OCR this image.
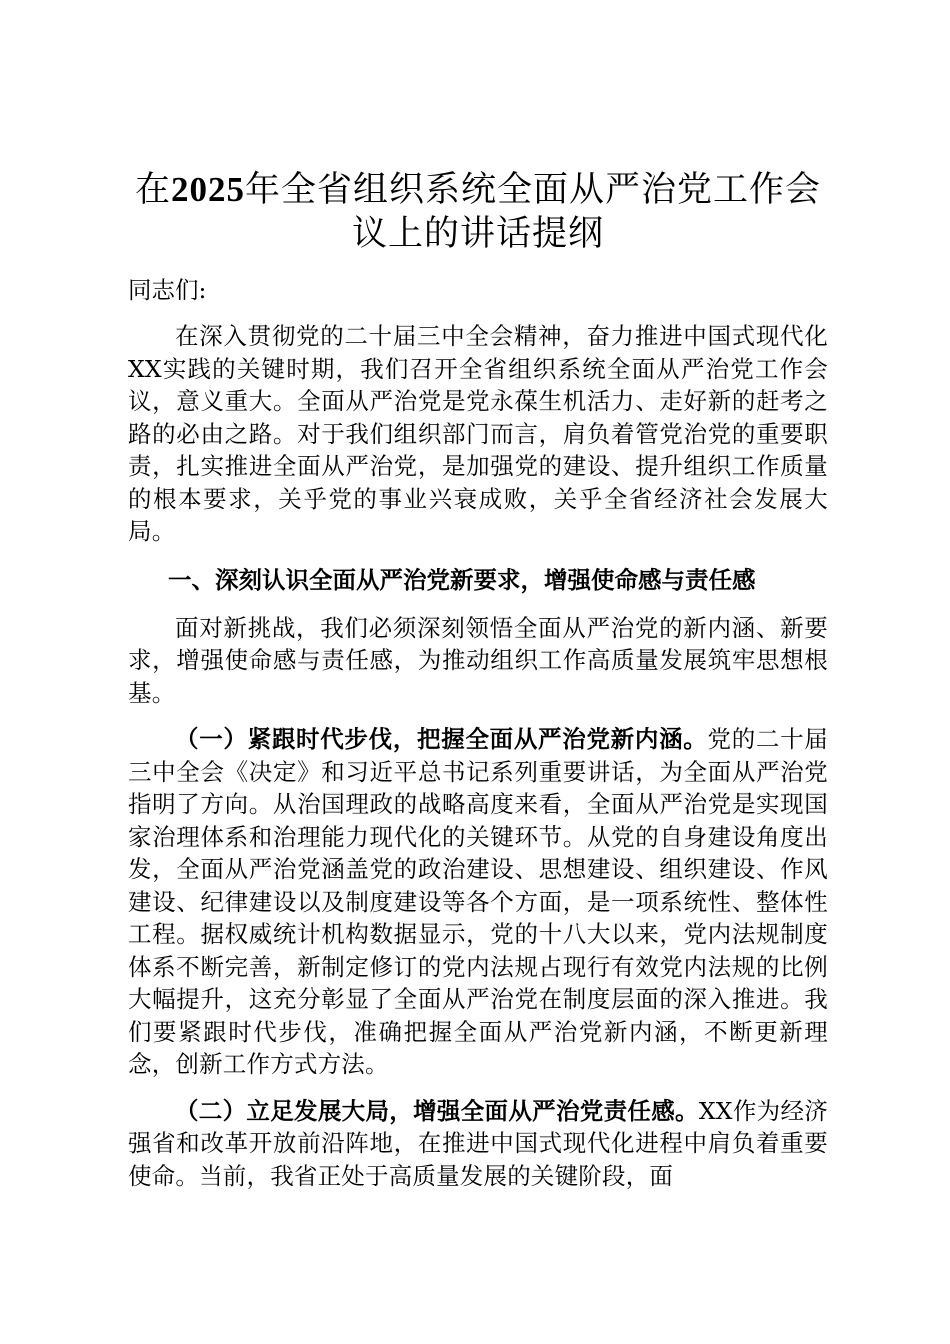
在2025年全省组织系统全面从严治党工作会议上的讲话提纲

同志们:

在深入贯彻党的二十届三中全会精神，奋力推进中国式现代化XX实践的关键时期，我们召开全省组织系统全面从严治党工作会议，意义重大。全面从严治党是党永葆生机活力、走好新的赶考之路的必由之路。对于我们组织部门而言，肩负着管党治党的重要职责，扎实推进全面从严治党，是加强党的建设、提升组织工作质量的根本要求，关乎党的事业兴衰成败，关乎全省经济社会发展大局。

一、深刻认识全面从严治党新要求，增强使命感与责任感

面对新挑战，我们必须深刻领悟全面从严治党的新内涵、新要求，增强使命感与责任感，为推动组织工作高质量发展筑牢思想根基。

（一）紧跟时代步伐，把握全面从严治党新内涵。党的二十届三中全会《决定》和习近平总书记系列重要讲话，为全面从严治党指明了方向。从治国理政的战略高度来看，全面从严治党是实现国家治理体系和治理能力现代化的关键环节。从党的自身建设角度出发，全面从严治党涵盖党的政治建设、思想建设、组织建设、作风建设、纪律建设以及制度建设等各个方面，是一项系统性、整体性工程。据权威统计机构数据显示，党的十八大以来，党内法规制度体系不断完善，新制定修订的党内法规占现行有效党内法规的比例大幅提升，这充分彰显了全面从严治党在制度层面的深入推进。我们要紧跟时代步伐，准确把握全面从严治党新内涵，不断更新理念，创新工作方式方法。

（二）立足发展大局，增强全面从严治党责任感。XX作为经济强省和改革开放前沿阵地，在推进中国式现代化进程中肩负着重要使命。当前，我省正处于高质量发展的关键阶段，面
